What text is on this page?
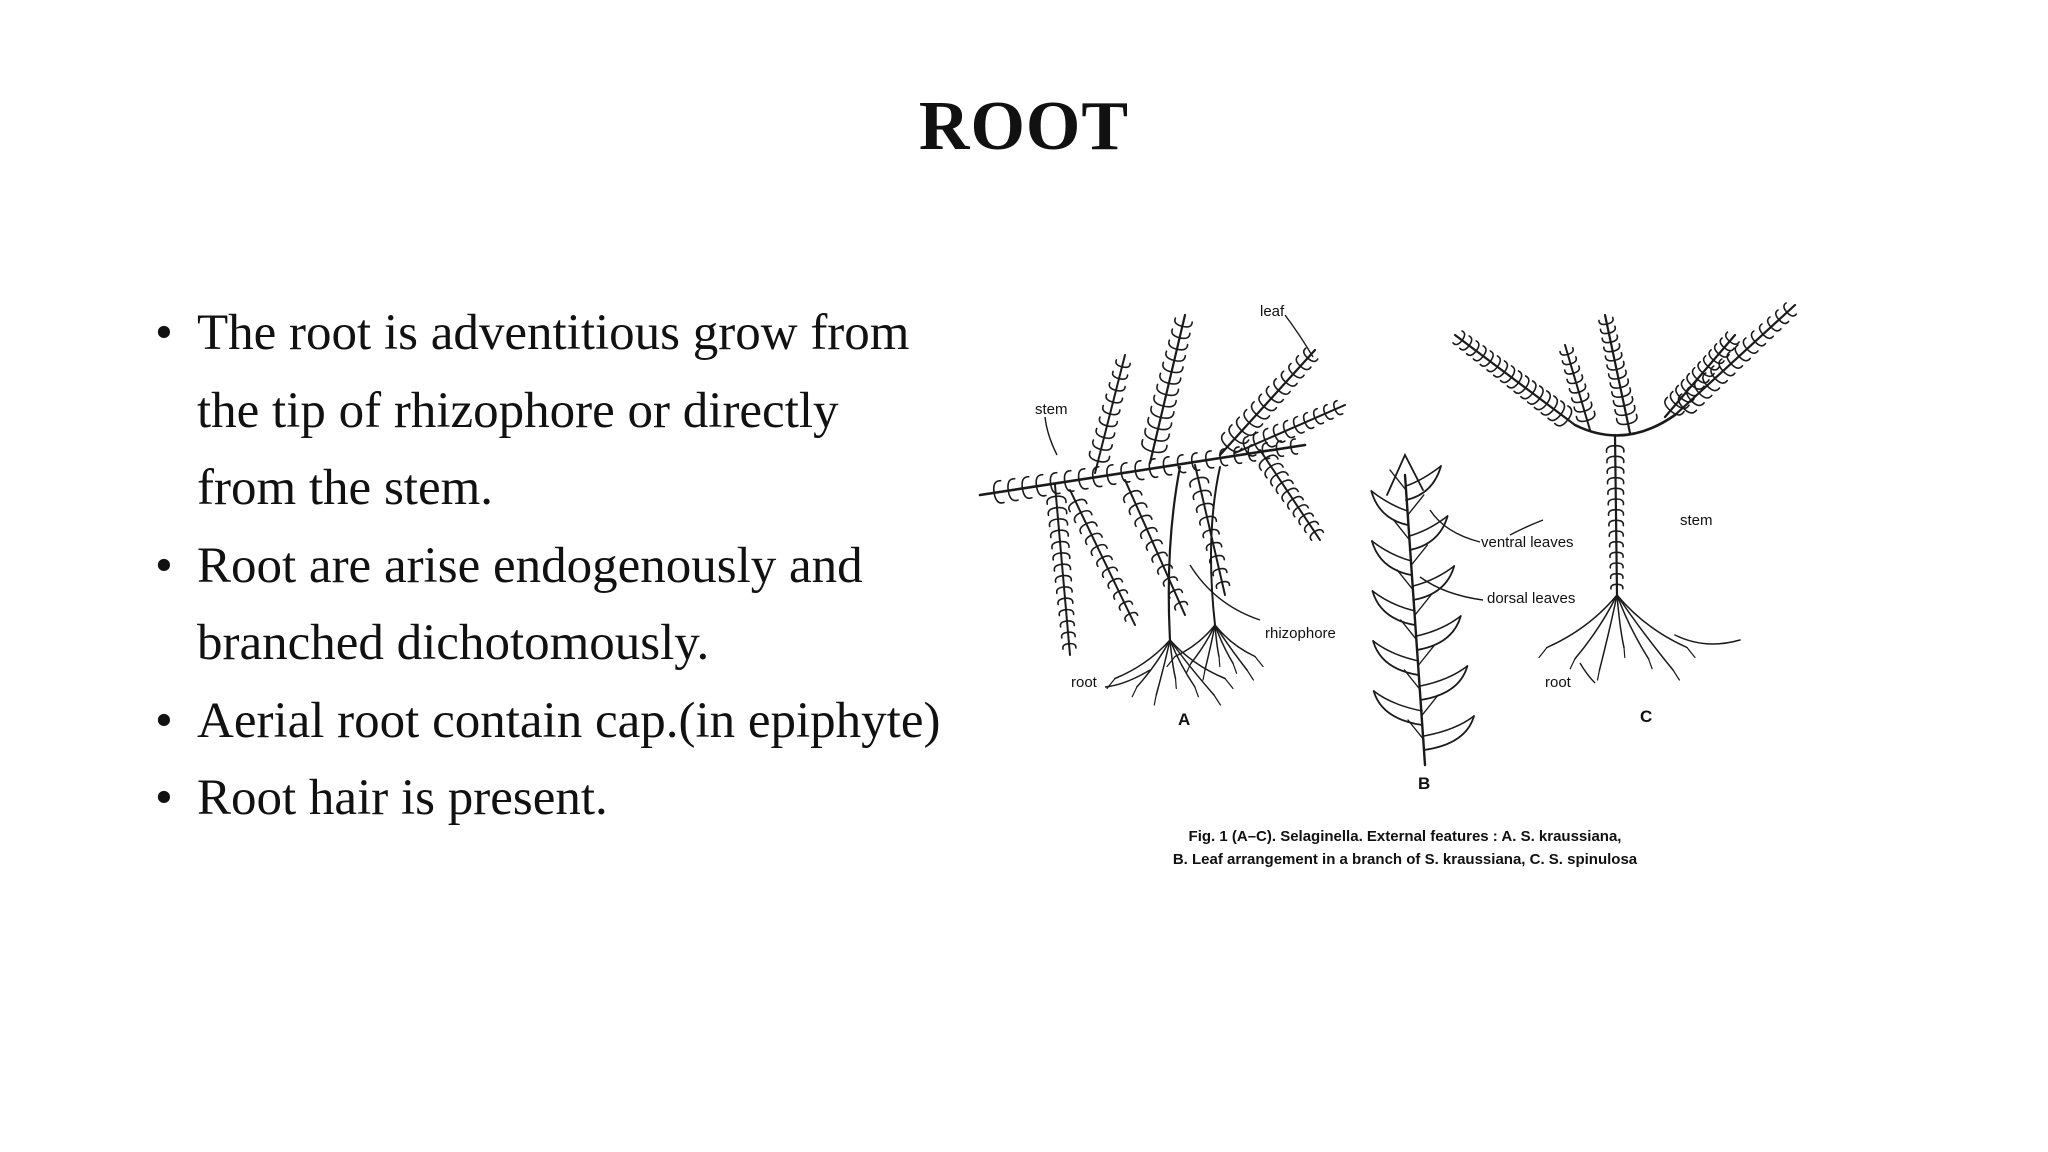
ROOT
• The root is adventitious grow from
the tip of rhizophore or directly
from the stem.
• Root are arise endogenously and
branched dichotomously.
• Aerial root contain cap.(in epiphyte)
• Root hair is present.
leaf
stem
rhizophore
root
ventral leaves
dorsal leaves
stem
root
A
B
C
Fig. 1 (A–C). Selaginella. External features : A. S. kraussiana,
B. Leaf arrangement in a branch of S. kraussiana, C. S. spinulosa
